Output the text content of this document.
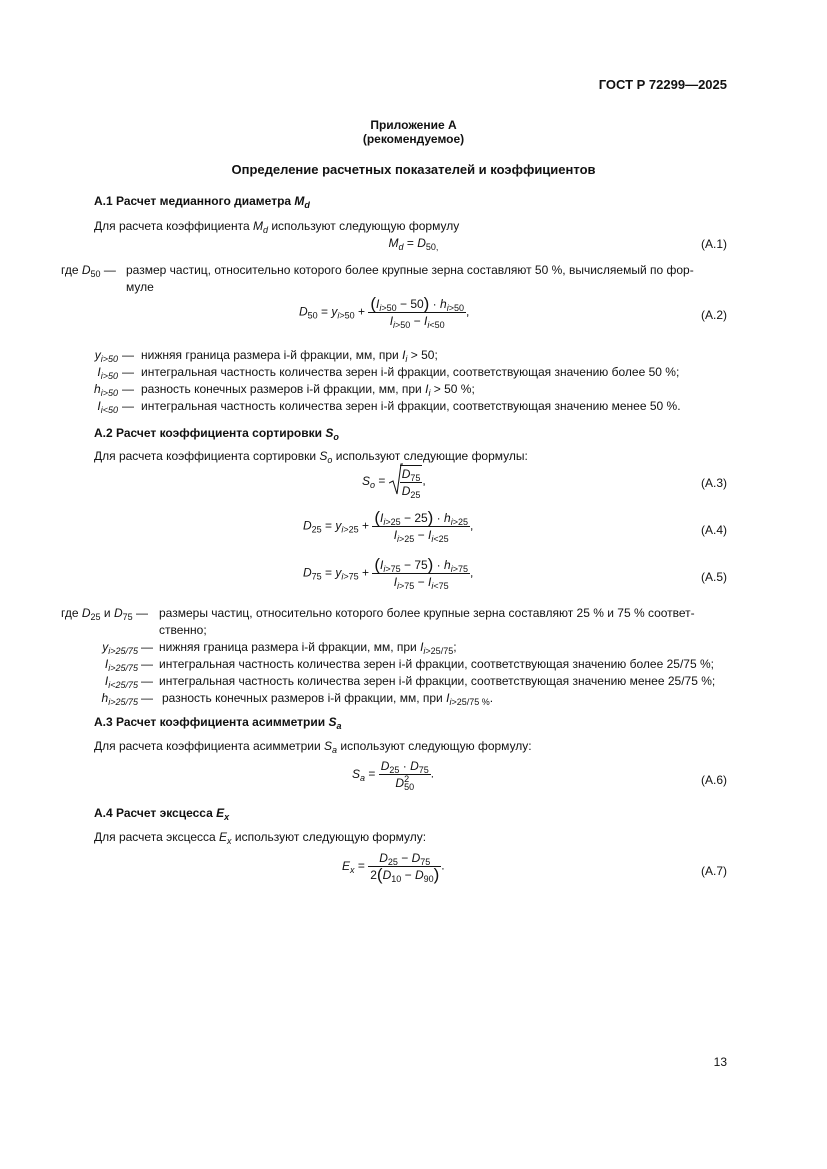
ГОСТ Р 72299—2025
Приложение А
(рекомендуемое)
Определение расчетных показателей и коэффициентов
А.1 Расчет медианного диаметра $M_d$
Для расчета коэффициента $M_d$ используют следующую формулу
$M_d = D_{50,}$	(А.1)
где $D_{50}$ — размер частиц, относительно которого более крупные зерна составляют 50 %, вычисляемый по фор-
муле
$D_{50} = y_{i>50} + \frac{(I_{i>50} - 50) \cdot h_{i>50}}{I_{i>50} - I_{i<50}}$ ,	(А.2)
$y_{i>50}$ — нижняя граница размера i-й фракции, мм, при $I_i > 50$;
$I_{i>50}$ — интегральная частность количества зерен i-й фракции, соответствующая значению более 50 %;
$h_{i>50}$ — разность конечных размеров i-й фракции, мм, при $I_i > 50$ %;
$I_{i<50}$ — интегральная частность количества зерен i-й фракции, соответствующая значению менее 50 %.
А.2 Расчет коэффициента сортировки $S_o$
Для расчета коэффициента сортировки $S_o$ используют следующие формулы:
$S_o = \frac{D_{75}}{D_{25}}$ ,	(А.3)
$D_{25} = y_{i>25} + \frac{(I_{i>25} - 25) \cdot h_{i>25}}{I_{i>25} - I_{i<25}}$ ,	(А.4)
$D_{75} = y_{i>75} + \frac{(I_{i>75} - 75) \cdot h_{i>75}}{I_{i>75} - I_{i<75}}$ ,	(А.5)
где $D_{25}$ и $D_{75}$ — размеры частиц, относительно которого более крупные зерна составляют 25 % и 75 % соответ-
ственно;
$y_{i>25/75}$ — нижняя граница размера i-й фракции, мм, при $I_{i>25/75}$;
$I_{i>25/75}$ — интегральная частность количества зерен i-й фракции, соответствующая значению более 25/75 %;
$I_{i<25/75}$ — интегральная частность количества зерен i-й фракции, соответствующая значению менее 25/75 %;
$h_{i>25/75}$ — разность конечных размеров i-й фракции, мм, при $I_{i>25/75 \%}$.
А.3 Расчет коэффициента асимметрии $S_a$
Для расчета коэффициента асимметрии $S_a$ используют следующую формулу:
$S_a = \frac{D_{25} \cdot D_{75}}{D^2_{50}}$ .	(А.6)
А.4 Расчет эксцесса $E_x$
Для расчета эксцесса $E_x$ используют следующую формулу:
$E_x = \frac{D_{25} - D_{75}}{2(D_{10} - D_{90})}$ .	(А.7)
13
